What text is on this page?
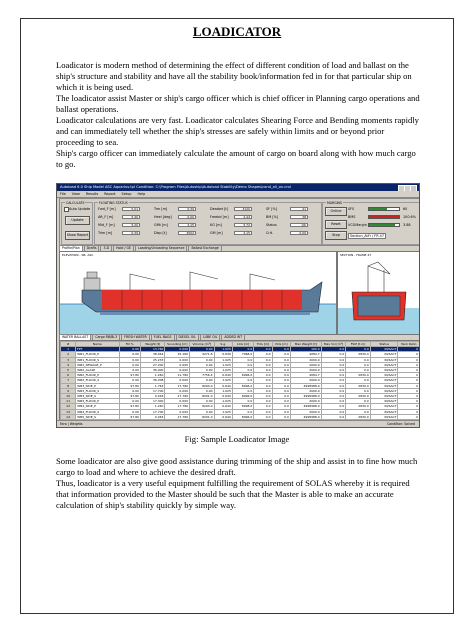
LOADICATOR
Loadicator is modern method of determining the effect of different condition of load and ballast on the ship's structure and stability and have all the stability book/information fed in for that particular ship on which it is being used.
The loadicator assist Master or ship's cargo officer which is chief officer in Planning cargo operations and ballast operations.
Loadicator calculations are very fast. Loadicator calculates Shearing Force and Bending moments rapidly and can immediately tell whether the ship's stresses are safely within limits and or beyond prior proceeding to sea.
Ship's cargo officer can immediately calculate the amount of cargo on board along with how much cargo to go.
Autoload 6.0 Ship Model ASC Aquarius.tpl Condition: C:\Program Files\Autoship\Autoload Stability\Demo Shapes\cond_all_on.cnd
File View Results Report Setup Help
CALCULATE
Auto Update
Update
Show Report
FLOATING STATUS
Fwd_F [m]	5.01
Aft_F [m]	5.40
Mid_F [m]	5.20
Trim [m]	0.39
Trm [m]	0.39
Heel [deg]	0.00
GMt [m]	2.15
Disp [t]	4502
Deadwt [t]	3120
Freebd [m]	2.44
KG [m]	5.72
GM [m]	2.15
SF [%]	41
BM [%]	38
Status	OK
Crit.	0.00
MARGINS
Online
Reset
Stop
SFS	60
BMS	100.6%
VCGMargin	3.88
Section_AtFr / FR 47
Profile/Plan Drafts 3-D Hold / GE Loading/Unloading Sequence Ballast Exchange
ELEVATION - SB, ASC	SECTION - FRAME 47
WATER BALLAST Cargo RB/BL3 FRESH WATER FUEL BAGS DIESEL OIL LUBE OIL ADDED WT
#	Name	Fill %	Weight [t]	Sounding [m]	Volume [m³]	S.g.	LCG [m]	TCG [m]	VCG [m]	Max Weight [t]	Max Vol [m³]	FSM [t·m]	Status	Tank Ratio
1	FPT	0.00	13.760	0.000	0.00	1.025	0.0	0.0	0.0	100.0	0.0	0.0	IN/SACT	0
2	WB1_FLOOR_P	0.00	38.044	15.160	3271.8	0.640	7968.0	0.0	0.0	4084.7	0.0	2830.0	IN/SACT	0
3	WB1_FLOOR_S	0.00	25.233	0.000	0.00	1.025	0.0	0.0	0.0	2000.0	0.0	0.0	IN/SACT	0
4	WB2_SEWAGE_P	0.00	27.200	0.000	0.00	1.025	0.0	0.0	0.0	2000.0	0.0	0.0	IN/SACT	0
5	WB2_ALASP	0.00	36.000	0.000	0.00	1.025	0.0	0.0	0.0	2000.0	0.0	0.0	IN/SACT	0
6	WB2_FLOOR_P	97.80	1.240	11.780	7756.4	0.640	6996.0	0.0	0.0	4084.7	0.0	2830.0	IN/SACT	0
7	WB2_FLOOR_S	0.00	36.208	0.000	0.00	1.025	0.0	0.0	0.0	2000.0	0.0	0.0	IN/SACT	0
8	WB3_SIDE_P	97.80	1.763	17.780	8294.0	0.640	8996.0	0.0	0.0	4998988.0	0.0	2830.0	IN/SACT	0
9	WB3_FLOOR_S	0.00	17.700	0.000	0.00	1.025	0.0	0.0	0.0	2000.0	0.0	0.0	IN/SACT	0
10	WB3_SIDE_S	97.80	0.263	17.780	8291.0	0.640	8996.0	0.0	0.0	4998988.0	0.0	2830.0	IN/SACT	0
11	WB4_FLOOR_P	0.00	17.300	0.000	0.00	1.025	0.0	0.0	0.0	2000.0	0.0	0.0	IN/SACT	0
12	WB4_SIDE_P	97.80	1.240	17.780	8294.0	0.640	8998.0	0.0	0.0	4998988.0	0.0	2830.0	IN/SACT	0
13	WB4_FLOOR_S	0.00	17.700	0.000	0.00	1.025	0.0	0.0	0.0	2000.0	0.0	0.0	IN/SACT	0
14	WB5_SIDE_S	97.80	0.263	17.780	8291.0	0.640	8996.0	0.0	0.0	4998988.0	0.0	2830.0	IN/SACT	0

Faro | Weights	Condition: Solved
Fig: Sample Loadicator Image
Some loadicator are also give good assistance during trimming of the ship and assist in to fine how much cargo to load and where to achieve the desired draft.
Thus, loadicator is a very useful equipment fulfilling the requirement of SOLAS whereby it is required that information provided to the Master should be such that the Master is able to make an accurate calculation of ship's stability quickly by simple way.
